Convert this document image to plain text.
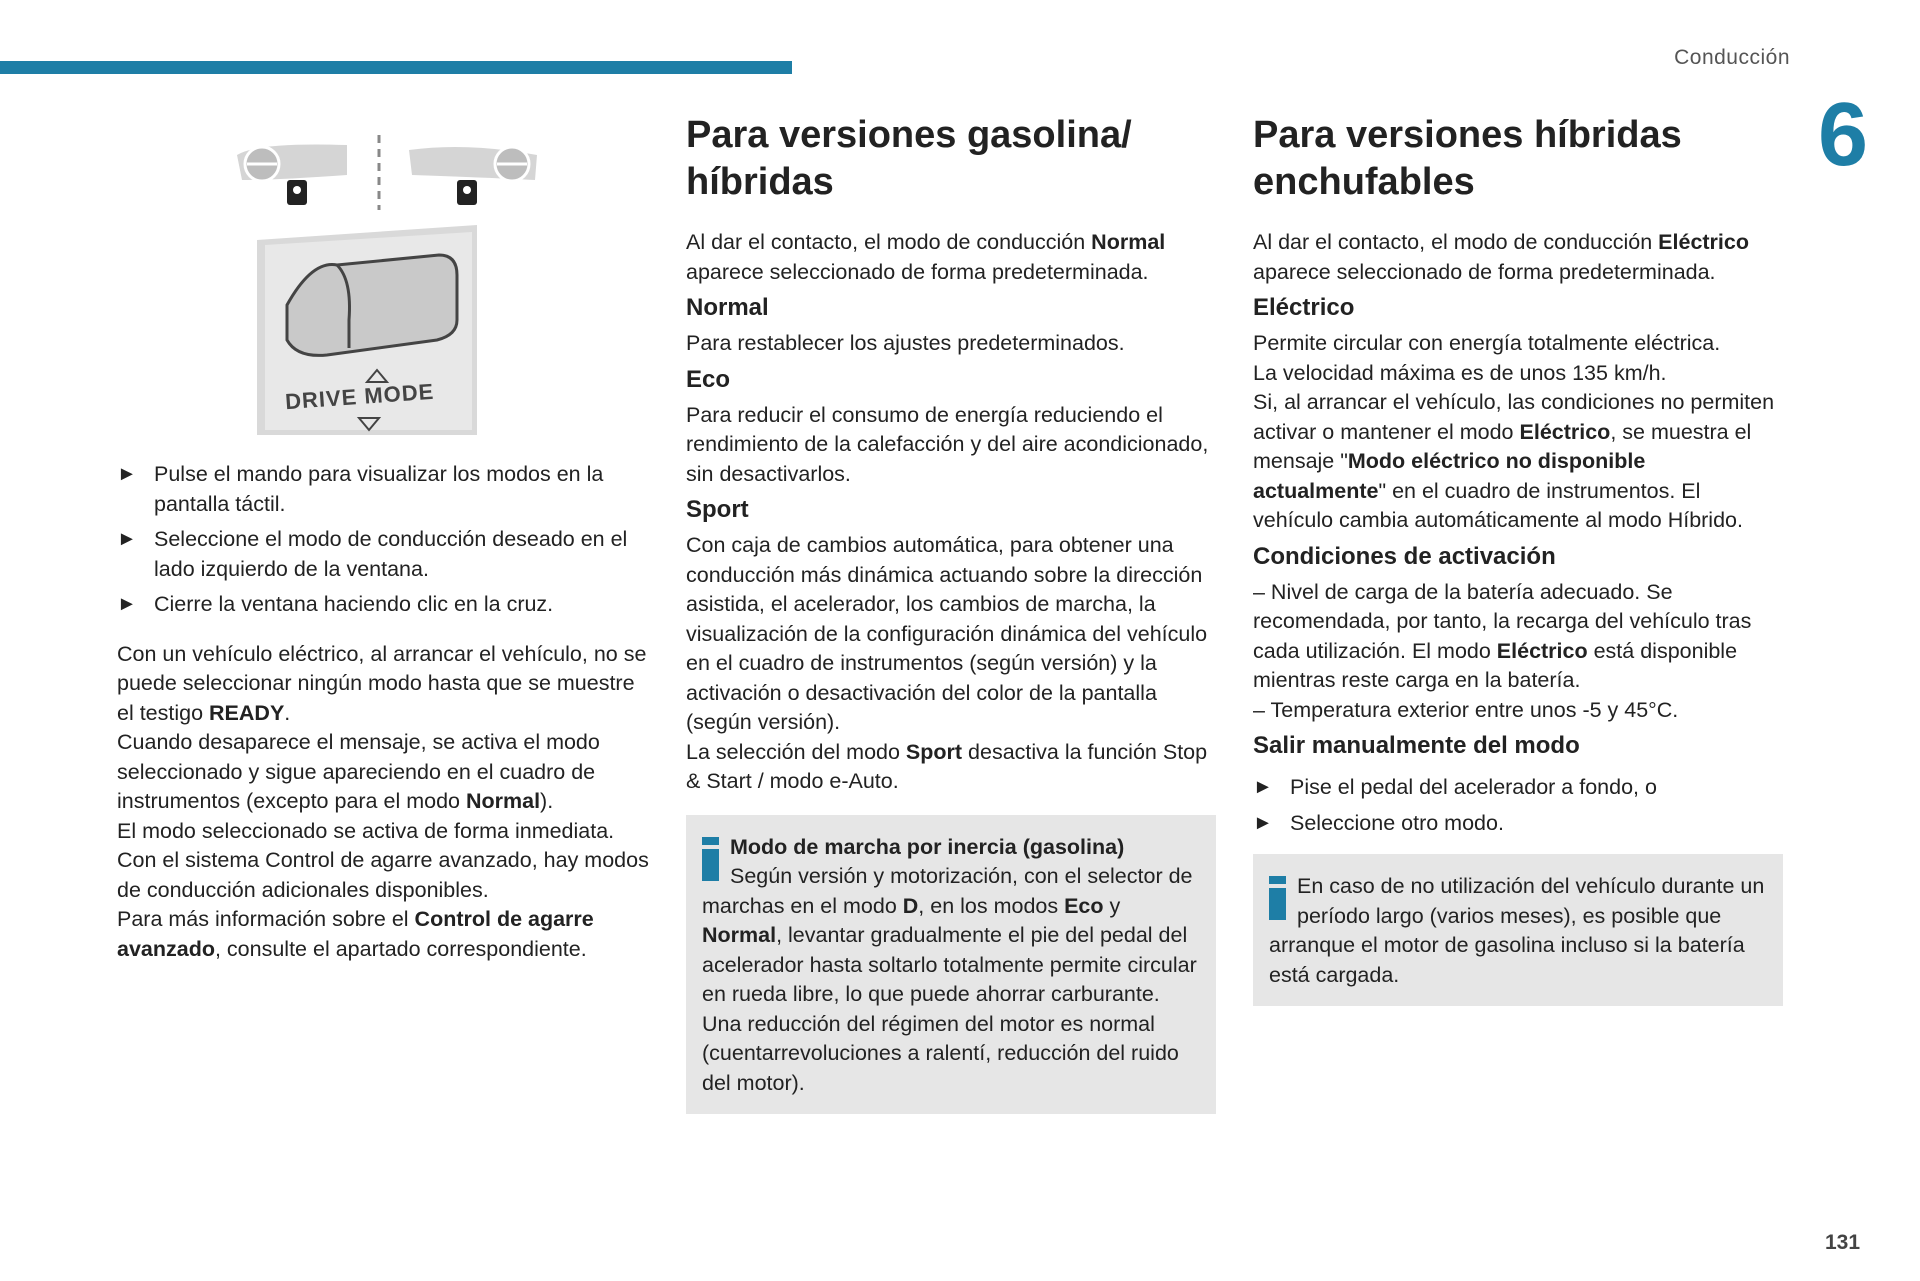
Conducción
6
DRIVE MODE
► Pulse el mando para visualizar los modos en la pantalla táctil.
► Seleccione el modo de conducción deseado en el lado izquierdo de la ventana.
► Cierre la ventana haciendo clic en la cruz.

Con un vehículo eléctrico, al arrancar el vehículo, no se puede seleccionar ningún modo hasta que se muestre el testigo READY.

Cuando desaparece el mensaje, se activa el modo seleccionado y sigue apareciendo en el cuadro de instrumentos (excepto para el modo Normal).

El modo seleccionado se activa de forma inmediata.

Con el sistema Control de agarre avanzado, hay modos de conducción adicionales disponibles.

Para más información sobre el Control de agarre avanzado, consulte el apartado correspondiente.

Para versiones gasolina/ híbridas

Al dar el contacto, el modo de conducción Normal aparece seleccionado de forma predeterminada.

Normal

Para restablecer los ajustes predeterminados.

Eco

Para reducir el consumo de energía reduciendo el rendimiento de la calefacción y del aire acondicionado, sin desactivarlos.

Sport

Con caja de cambios automática, para obtener una conducción más dinámica actuando sobre la dirección asistida, el acelerador, los cambios de marcha, la visualización de la configuración dinámica del vehículo en el cuadro de instrumentos (según versión) y la activación o desactivación del color de la pantalla (según versión).

La selección del modo Sport desactiva la función Stop & Start / modo e-Auto.

Modo de marcha por inercia (gasolina)
Según versión y motorización, con el selector de marchas en el modo D, en los modos Eco y Normal, levantar gradualmente el pie del pedal del acelerador hasta soltarlo totalmente permite circular en rueda libre, lo que puede ahorrar carburante.
Una reducción del régimen del motor es normal (cuentarrevoluciones a ralentí, reducción del ruido del motor).
Para versiones híbridas enchufables

Al dar el contacto, el modo de conducción Eléctrico aparece seleccionado de forma predeterminada.

Eléctrico

Permite circular con energía totalmente eléctrica.

La velocidad máxima es de unos 135 km/h.

Si, al arrancar el vehículo, las condiciones no permiten activar o mantener el modo Eléctrico, se muestra el mensaje "Modo eléctrico no disponible actualmente" en el cuadro de instrumentos. El vehículo cambia automáticamente al modo Híbrido.

Condiciones de activación

– Nivel de carga de la batería adecuado. Se recomendada, por tanto, la recarga del vehículo tras cada utilización. El modo Eléctrico está disponible mientras reste carga en la batería.

– Temperatura exterior entre unos -5 y 45°C.

Salir manualmente del modo
► Pise el pedal del acelerador a fondo, o
► Seleccione otro modo.
En caso de no utilización del vehículo durante un período largo (varios meses), es posible que arranque el motor de gasolina incluso si la batería está cargada.
131
